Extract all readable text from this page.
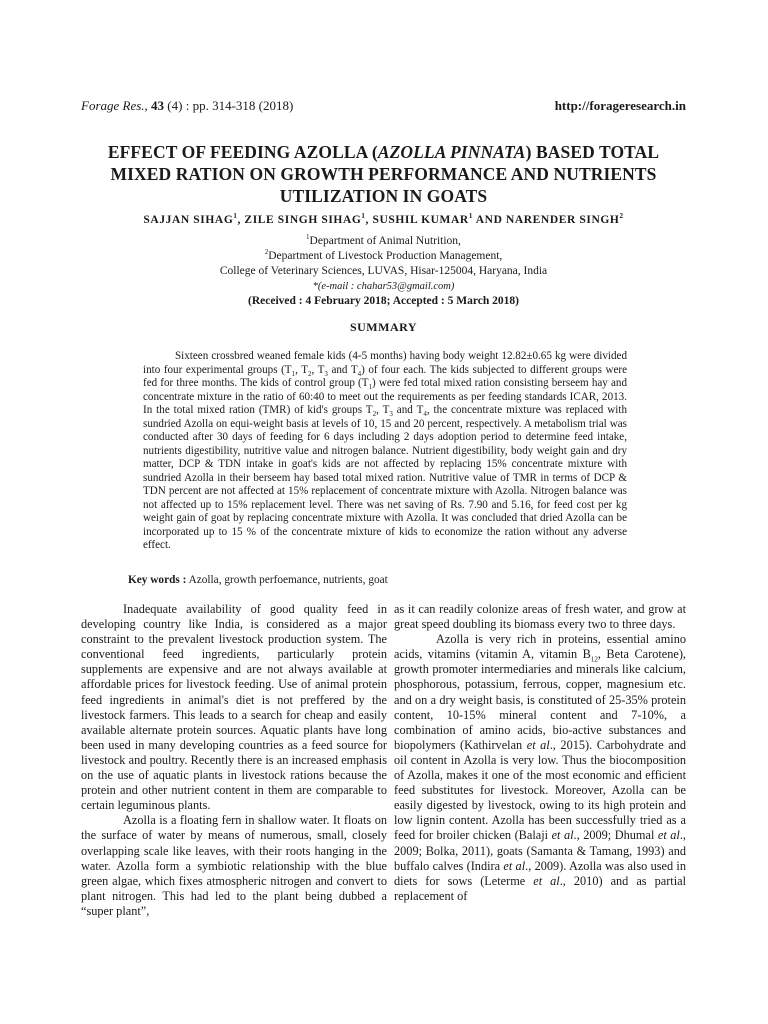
Forage Res., 43 (4) : pp. 314-318 (2018)	http://forageresearch.in
EFFECT OF FEEDING AZOLLA (AZOLLA PINNATA) BASED TOTAL
MIXED RATION ON GROWTH PERFORMANCE AND NUTRIENTS
UTILIZATION IN GOATS
SAJJAN SIHAG$^1$, ZILE SINGH SIHAG$^1$, SUSHIL KUMAR$^1$ AND NARENDER SINGH$^2$
$^1$Department of Animal Nutrition,
$^2$Department of Livestock Production Management,
College of Veterinary Sciences, LUVAS, Hisar-125004, Haryana, India
*(e-mail : chahar53@gmail.com)
(Received : 4 February 2018; Accepted : 5 March 2018)
SUMMARY

Sixteen crossbred weaned female kids (4-5 months) having body weight 12.82±0.65 kg were divided into four experimental groups ($T_1$, $T_2$, $T_3$ and $T_4$) of four each. The kids subjected to different groups were fed for three months. The kids of control group $(T_1)$ were fed total mixed ration consisting berseem hay and concentrate mixture in the ratio of 60:40 to meet out the requirements as per feeding standards ICAR, 2013. In the total mixed ration (TMR) of kid's groups $T_2$, $T_3$ and $T_4$, the concentrate mixture was replaced with sundried Azolla on equi-weight basis at levels of 10, 15 and 20 percent, respectively. A metabolism trial was conducted after 30 days of feeding for 6 days including 2 days adoption period to determine feed intake, nutrients digestibility, nutritive value and nitrogen balance. Nutrient digestibility, body weight gain and dry matter, DCP & TDN intake in goat's kids are not affected by replacing 15% concentrate mixture with sundried Azolla in their berseem hay based total mixed ration. Nutritive value of TMR in terms of DCP & TDN percent are not affected at 15% replacement of concentrate mixture with Azolla. Nitrogen balance was not affected up to 15% replacement level. There was net saving of Rs. 7.90 and 5.16, for feed cost per kg weight gain of goat by replacing concentrate mixture with Azolla. It was concluded that dried Azolla can be incorporated up to 15 % of the concentrate mixture of kids to economize the ration without any adverse effect.

Key words : Azolla, growth perfoemance, nutrients, goat

Inadequate availability of good quality feed in developing country like India, is considered as a major constraint to the prevalent livestock production system. The conventional feed ingredients, particularly protein supplements are expensive and are not always available at affordable prices for livestock feeding. Use of animal protein feed ingredients in animal's diet is not preffered by the livestock farmers. This leads to a search for cheap and easily available alternate protein sources. Aquatic plants have long been used in many developing countries as a feed source for livestock and poultry. Recently there is an increased emphasis on the use of aquatic plants in livestock rations because the protein and other nutrient content in them are comparable to certain leguminous plants.

Azolla is a floating fern in shallow water. It floats on the surface of water by means of numerous, small, closely overlapping scale like leaves, with their roots hanging in the water. Azolla form a symbiotic relationship with the blue green algae, which fixes atmospheric nitrogen and convert to plant nitrogen. This had led to the plant being dubbed a “super plant”,

as it can readily colonize areas of fresh water, and grow at great speed doubling its biomass every two to three days.

Azolla is very rich in proteins, essential amino acids, vitamins (vitamin A, vitamin $B_{12}$, Beta Carotene), growth promoter intermediaries and minerals like calcium, phosphorous, potassium, ferrous, copper, magnesium etc. and on a dry weight basis, is constituted of 25-35% protein content, 10-15% mineral content and 7-10%, a combination of amino acids, bio-active substances and biopolymers (Kathirvelan et al., 2015). Carbohydrate and oil content in Azolla is very low. Thus the biocomposition of Azolla, makes it one of the most economic and efficient feed substitutes for livestock. Moreover, Azolla can be easily digested by livestock, owing to its high protein and low lignin content. Azolla has been successfully tried as a feed for broiler chicken (Balaji et al., 2009; Dhumal et al., 2009; Bolka, 2011), goats (Samanta & Tamang, 1993) and buffalo calves (Indira et al., 2009). Azolla was also used in diets for sows (Leterme et al., 2010) and as partial replacement of
